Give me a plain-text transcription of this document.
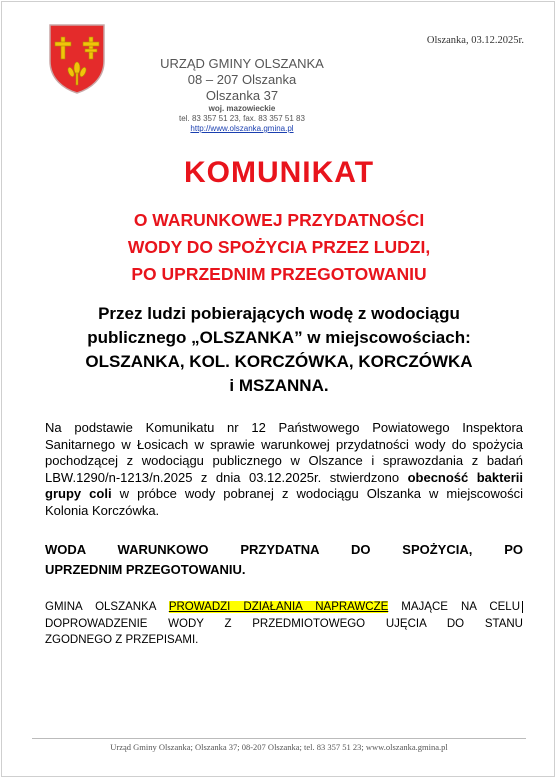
Olszanka, 03.12.2025r.
URZĄD GMINY OLSZANKA
08 – 207 Olszanka
Olszanka 37
woj. mazowieckie
tel. 83 357 51 23, fax. 83 357 51 83
http://www.olszanka.gmina.pl
KOMUNIKAT
O WARUNKOWEJ PRZYDATNOŚCI
WODY DO SPOŻYCIA PRZEZ LUDZI,
PO UPRZEDNIM PRZEGOTOWANIU
Przez ludzi pobierających wodę z wodociągu
publicznego „OLSZANKA” w miejscowościach:
OLSZANKA, KOL. KORCZÓWKA, KORCZÓWKA
i MSZANNA.
Na podstawie Komunikatu nr 12 Państwowego Powiatowego Inspektora Sanitarnego w Łosicach w sprawie warunkowej przydatności wody do spożycia pochodzącej z wodociągu publicznego w Olszance i sprawozdania z badań LBW.1290/n-1213/n.2025 z dnia 03.12.2025r. stwierdzono obecność bakterii grupy coli w próbce wody pobranej z wodociągu Olszanka w miejscowości Kolonia Korczówka.
WODA WARUNKOWO PRZYDATNA DO SPOŻYCIA, PO
UPRZEDNIM PRZEGOTOWANIU.
GMINA OLSZANKA PROWADZI DZIAŁANIA NAPRAWCZE MAJĄCE NA CELU
DOPROWADZENIE WODY Z PRZEDMIOTOWEGO UJĘCIA DO STANU
ZGODNEGO Z PRZEPISAMI.
Urząd Gminy Olszanka; Olszanka 37; 08-207 Olszanka; tel. 83 357 51 23; www.olszanka.gmina.pl
